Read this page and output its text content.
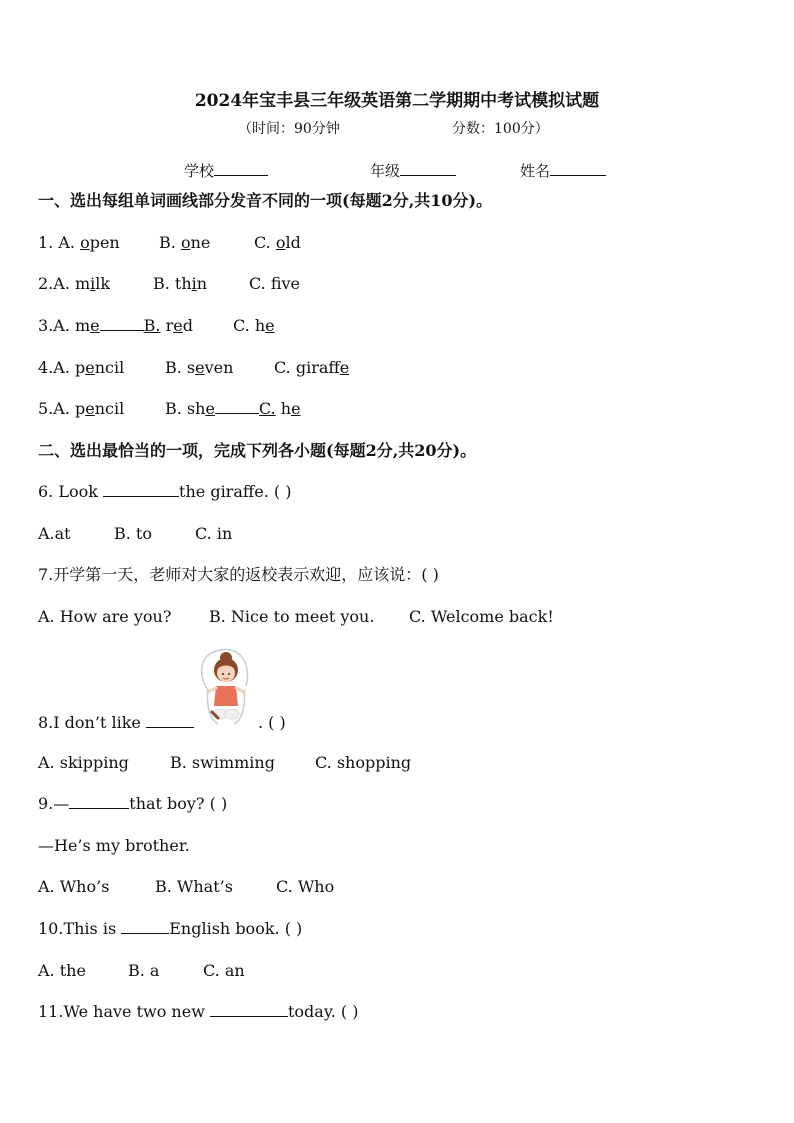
2024年宝丰县三年级英语第二学期期中考试模拟试题
（时间：90分钟	分数：100分）
学校	年级	姓名
一、选出每组单词画线部分发音不同的一项(每题2分,共10分)。
1. A. open B. one	C. old
2.A. milk	B. thin	C. fve
3.A. me	B. red	C. he
4.A. pencil	B. seven	C. giraffe
5.A. pencil	B. she	C. he
二、选出最恰当的一项，完成下列各小题(每题2分,共20分)。
6. Look	the giraffe. ( )
A.at	B. to	C. in
7.开学第一天，老师对大家的返校表示欢迎，应该说：( )
A. How are you? B. Nice to meet you. C. Welcome back!
8.I don’t like	. ( )
A. skipping	B. swimming	C. shopping
9.—	that boy? ( )
—He’s my brother.
A. Who’s	B. What’s	C. Who
10.This is	English book. ( )
A. the	B. a	C. an
11.We have two new	today. ( )
